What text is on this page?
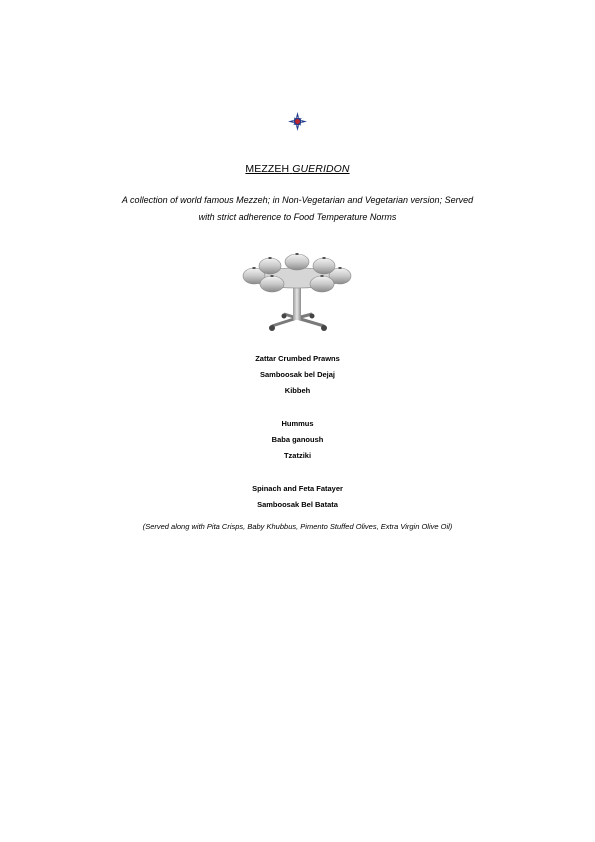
MEZZEH GUERIDON
A collection of world famous Mezzeh; in Non-Vegetarian and Vegetarian version; Served
with strict adherence to Food Temperature Norms
Zattar Crumbed Prawns
Samboosak bel Dejaj
Kibbeh
Hummus
Baba ganoush
Tzatziki
Spinach and Feta Fatayer
Samboosak Bel Batata
(Served along with Pita Crisps, Baby Khubbus, Pimento Stuffed Olives, Extra Virgin Olive Oil)
